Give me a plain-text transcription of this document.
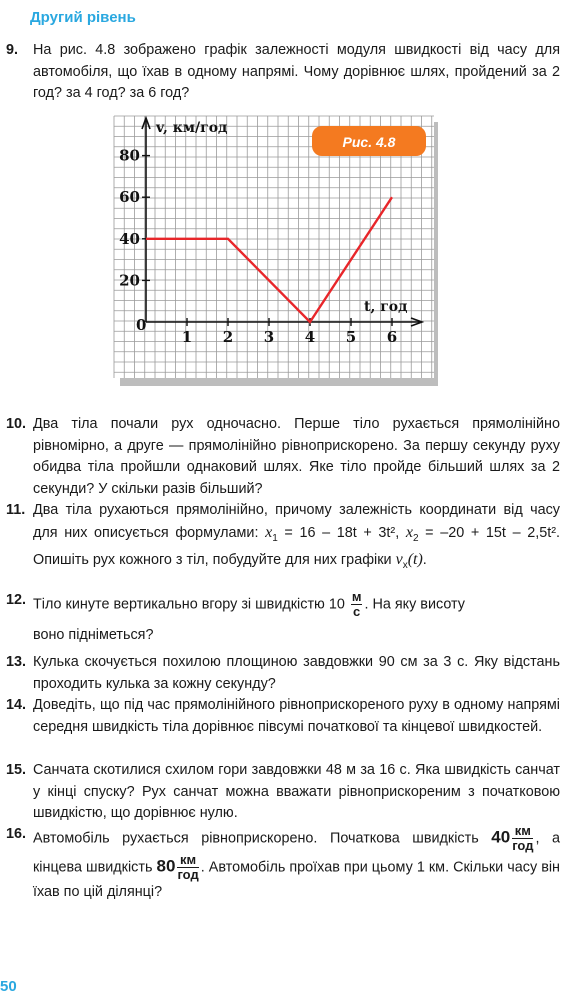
Другий рівень
9. На рис. 4.8 зображено графік залежності модуля швидкості від часу для автомобіля, що їхав в одному напрямі. Чому дорівнює шлях, пройдений за 2 год? за 4 год? за 6 год?

1 2 3 4 5 6
20
40
60
80
Рис. 4.8
v, км/год
t, год
0
10. Два тіла почали рух одночасно. Перше тіло рухається прямолінійно рівномірно, а друге — прямолінійно рівноприскорено. За першу секунду руху обидва тіла пройшли однаковий шлях. Яке тіло пройде більший шлях за 2 секунди? У скільки разів більший?

11. Два тіла рухаються прямолінійно, причому залежність координати від часу для них описується формулами: $x_1 = 16 - 18t + 3t^2$, $x_2 = -20 + 15t - 2,5t^2$. Опишіть рух кожного з тіл, побудуйте для них графіки $v_x(t)$.

12. Тіло кинуте вертикально вгору зі швидкістю $10 \frac{м}{с}$ . На яку висоту

воно підніметься?

13. Кулька скочується похилою площиною завдовжки 90 см за 3 с. Яку відстань проходить кулька за кожну секунду?

14. Доведіть, що під час прямолінійного рівноприскореного руху в одному напрямі середня швидкість тіла дорівнює півсумі початкової та кінцевої швидкостей.

15. Санчата скотилися схилом гори завдовжки 48 м за 16 с. Яка швидкість санчат у кінці спуску? Рух санчат можна вважати рівноприскореним з початковою швидкістю, що дорівнює нулю.

16. Автомобіль рухається рівноприскорено. Початкова швидкість $40 \frac{км}{\text{год}}$ , а кінцева швидкість $80 \frac{км}{\text{год}}$ . Автомобіль проїхав при цьому 1 км. Скільки часу він їхав по цій ділянці?

50
